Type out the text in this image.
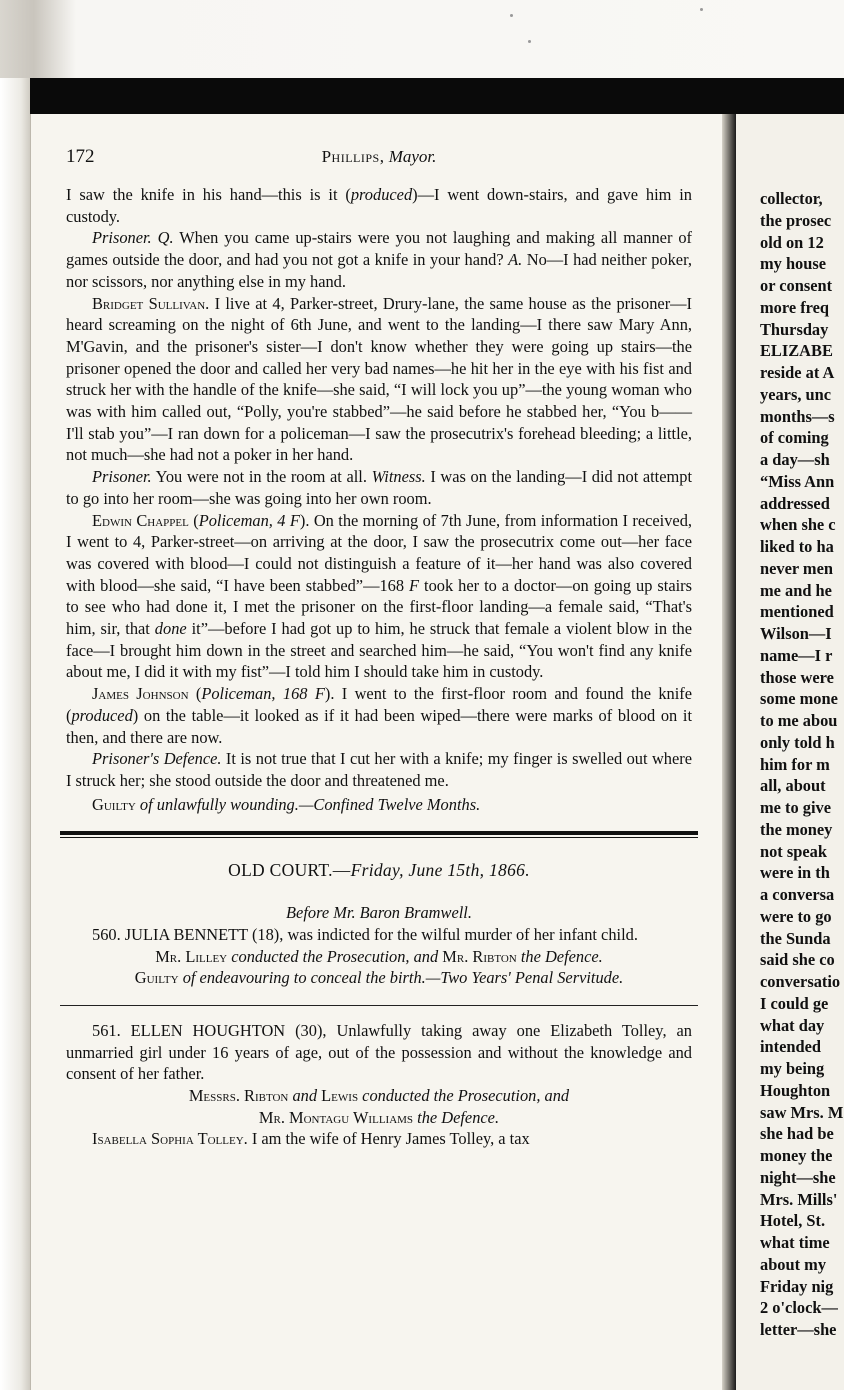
172	Phillips, Mayor.

I saw the knife in his hand—this is it (produced)—I went down-stairs, and gave him in custody.

Prisoner. Q. When you came up-stairs were you not laughing and making all manner of games outside the door, and had you not got a knife in your hand? A. No—I had neither poker, nor scissors, nor anything else in my hand.

Bridget Sullivan. I live at 4, Parker-street, Drury-lane, the same house as the prisoner—I heard screaming on the night of 6th June, and went to the landing—I there saw Mary Ann, M'Gavin, and the prisoner's sister—I don't know whether they were going up stairs—the prisoner opened the door and called her very bad names—he hit her in the eye with his fist and struck her with the handle of the knife—she said, “I will lock you up”—the young woman who was with him called out, “Polly, you're stabbed”—he said before he stabbed her, “You b—— I'll stab you”—I ran down for a policeman—I saw the prosecutrix's forehead bleeding; a little, not much—she had not a poker in her hand.

Prisoner. You were not in the room at all. Witness. I was on the landing—I did not attempt to go into her room—she was going into her own room.

Edwin Chappel (Policeman, 4 F). On the morning of 7th June, from information I received, I went to 4, Parker-street—on arriving at the door, I saw the prosecutrix come out—her face was covered with blood—I could not distinguish a feature of it—her hand was also covered with blood—she said, “I have been stabbed”—168 F took her to a doctor—on going up stairs to see who had done it, I met the prisoner on the first-floor landing—a female said, “That's him, sir, that done it”—before I had got up to him, he struck that female a violent blow in the face—I brought him down in the street and searched him—he said, “You won't find any knife about me, I did it with my fist”—I told him I should take him in custody.

James Johnson (Policeman, 168 F). I went to the first-floor room and found the knife (produced) on the table—it looked as if it had been wiped—there were marks of blood on it then, and there are now.

Prisoner's Defence. It is not true that I cut her with a knife; my finger is swelled out where I struck her; she stood outside the door and threatened me.

Guilty of unlawfully wounding.—Confined Twelve Months.

OLD COURT.—Friday, June 15th, 1866.

Before Mr. Baron Bramwell.

560. JULIA BENNETT (18), was indicted for the wilful murder of her infant child.

Mr. Lilley conducted the Prosecution, and Mr. Ribton the Defence.

Guilty of endeavouring to conceal the birth.—Two Years' Penal Servitude.

561. ELLEN HOUGHTON (30), Unlawfully taking away one Elizabeth Tolley, an unmarried girl under 16 years of age, out of the possession and without the knowledge and consent of her father.

Messrs. Ribton and Lewis conducted the Prosecution, and

Mr. Montagu Williams the Defence.

Isabella Sophia Tolley. I am the wife of Henry James Tolley, a tax

collector,
the prosec
old on 12
my house
or consent
more freq
Thursday
ELIZABE
reside at A
years, unc
months—s
of coming
a day—sh
“Miss Ann
addressed
when she c
liked to ha
never men
me and he
mentioned
Wilson—I
name—I r
those were
some mone
to me abou
only told h
him for m
all, about
me to give
the money
not speak
were in th
a conversa
were to go
the Sunda
said she co
conversatio
I could ge
what day
intended
my being
Houghton
saw Mrs. M
she had be
money the
night—she
Mrs. Mills'
Hotel, St.
what time
about my
Friday nig
2 o'clock—
letter—she
